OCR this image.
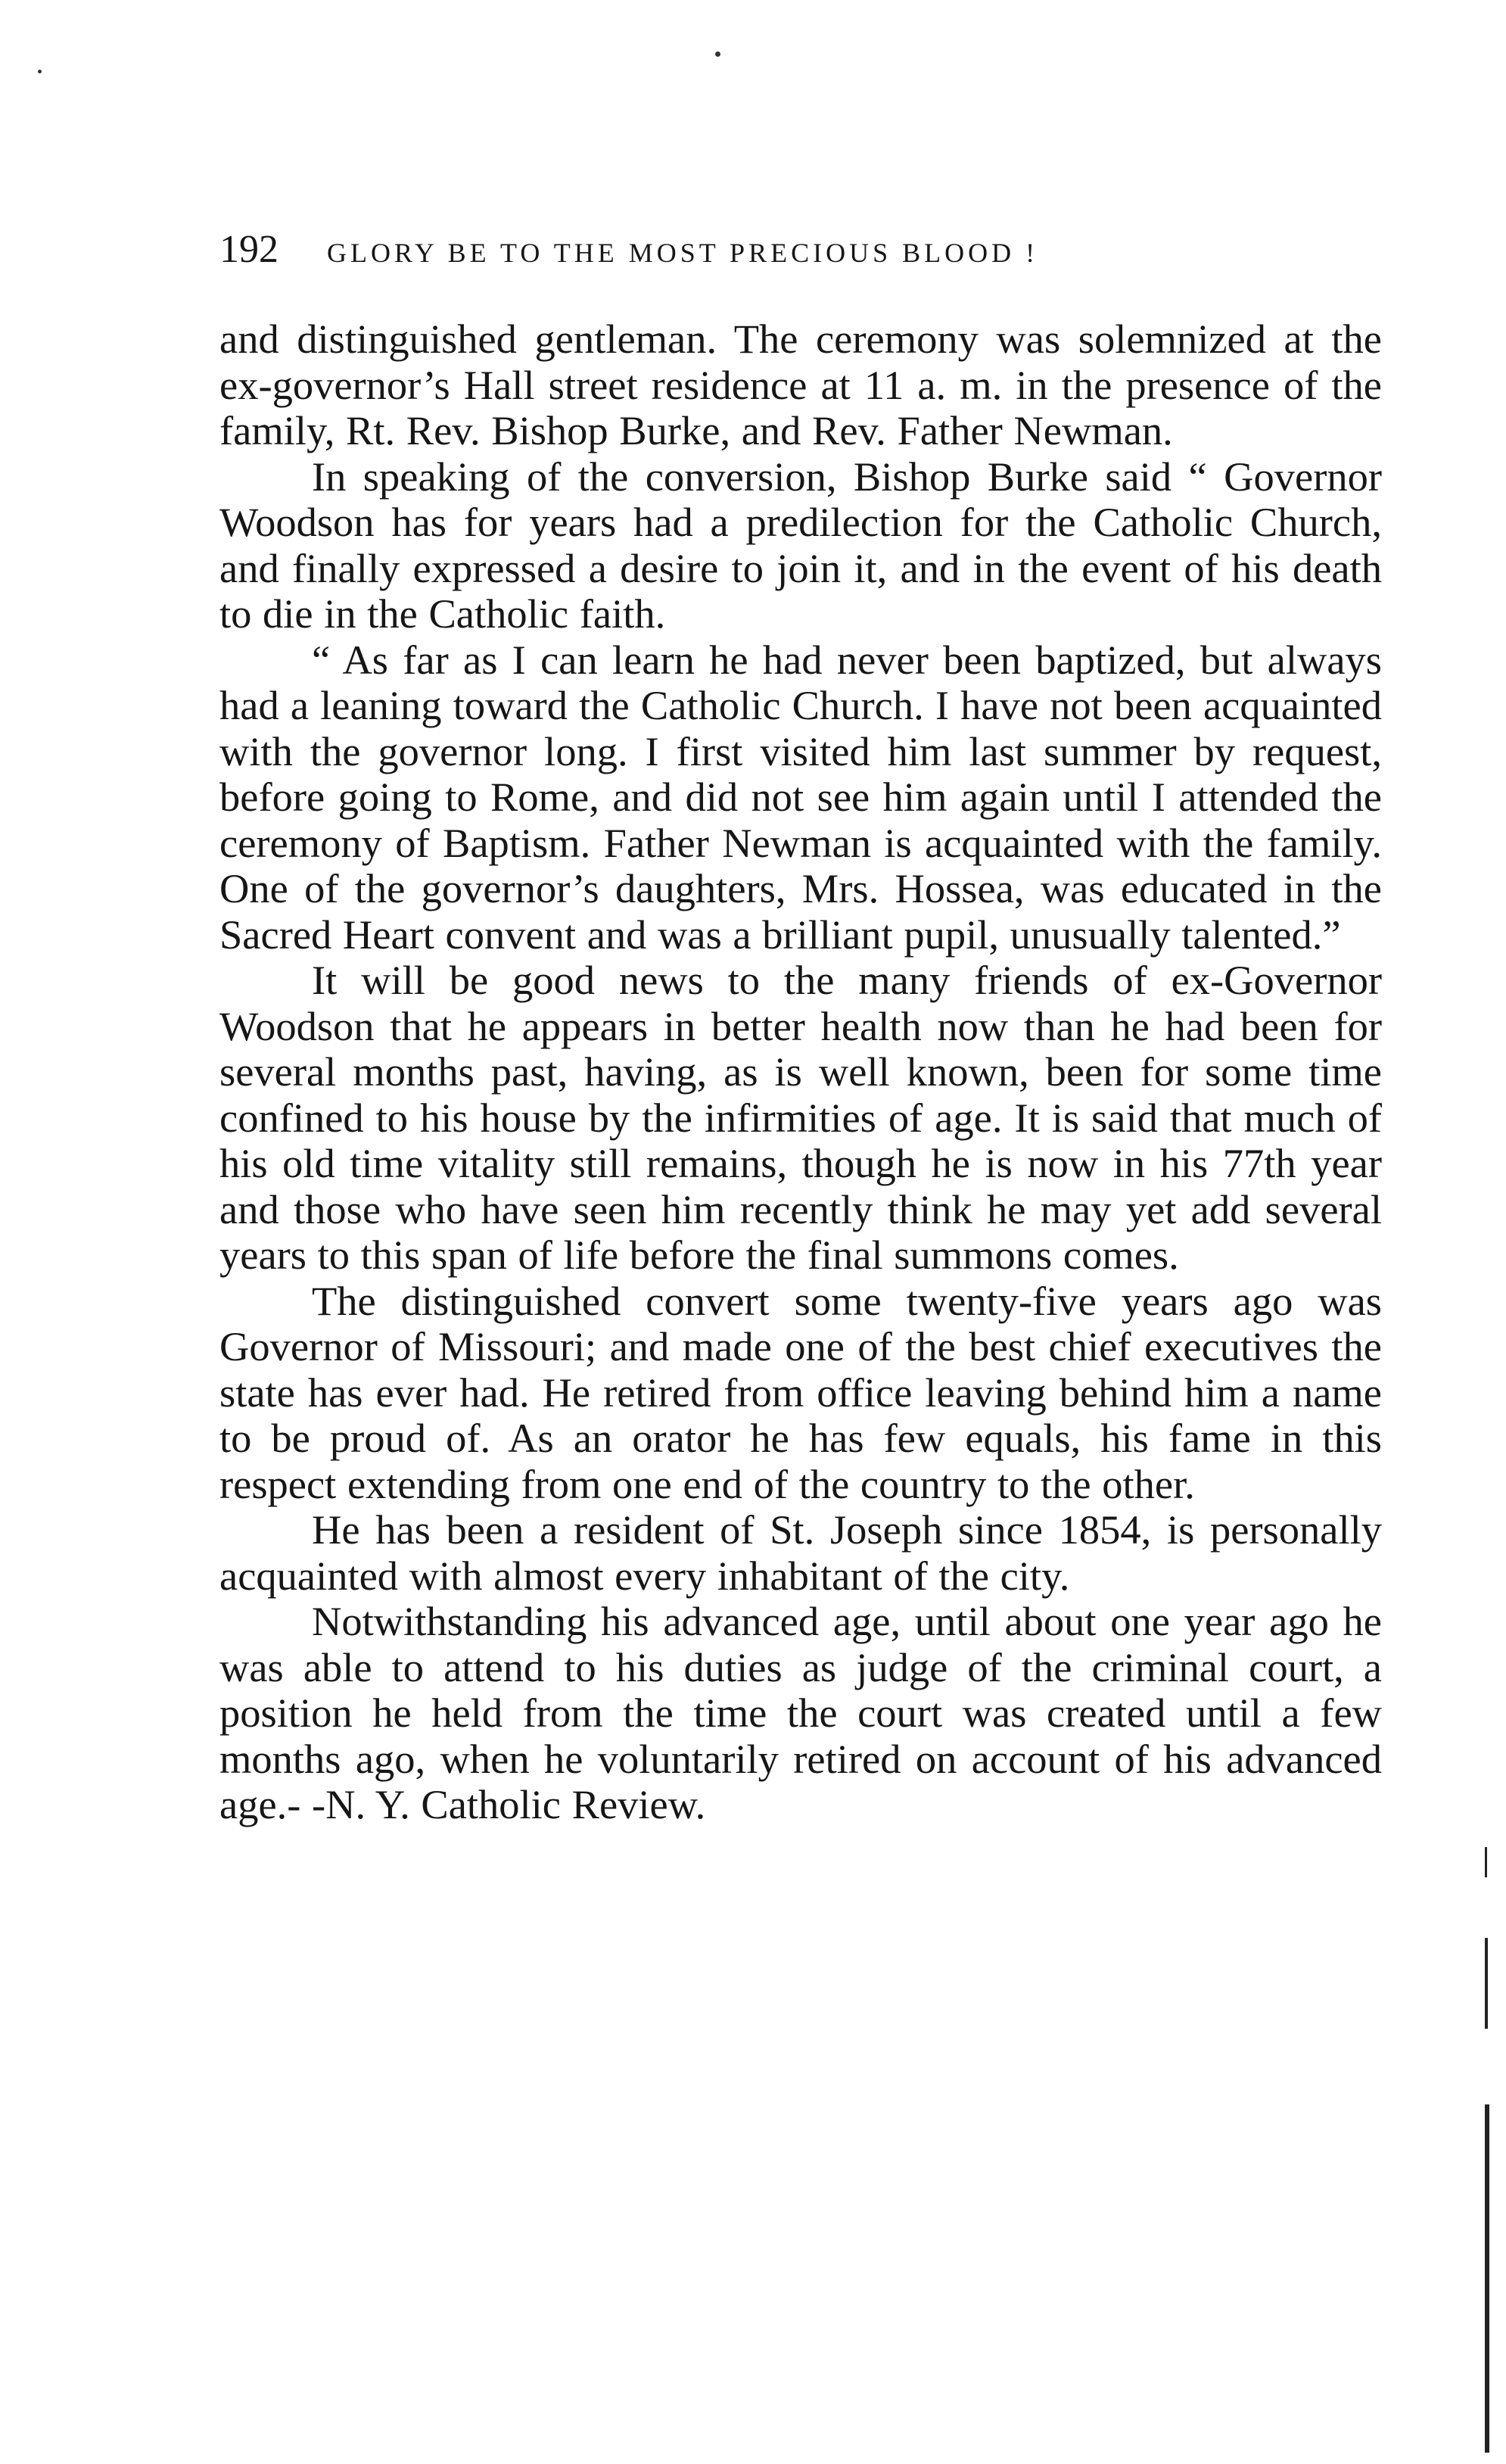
192 GLORY BE TO THE MOST PRECIOUS BLOOD !

and distinguished gentleman. The ceremony was solemnized at the ex-governor’s Hall street residence at 11 a. m. in the presence of the family, Rt. Rev. Bishop Burke, and Rev. Father Newman.

In speaking of the conversion, Bishop Burke said “ Governor Woodson has for years had a predilection for the Catholic Church, and finally expressed a desire to join it, and in the event of his death to die in the Catholic faith.

“ As far as I can learn he had never been baptized, but always had a leaning toward the Catholic Church. I have not been acquainted with the governor long. I first visited him last summer by request, before going to Rome, and did not see him again until I attended the ceremony of Baptism. Father Newman is acquainted with the family. One of the governor’s daughters, Mrs. Hossea, was educated in the Sacred Heart convent and was a brilliant pupil, unusually talented.”

It will be good news to the many friends of ex-Governor Woodson that he appears in better health now than he had been for several months past, having, as is well known, been for some time confined to his house by the infirmities of age. It is said that much of his old time vitality still remains, though he is now in his 77th year and those who have seen him recently think he may yet add several years to this span of life before the final summons comes.

The distinguished convert some twenty-five years ago was Governor of Missouri; and made one of the best chief executives the state has ever had. He retired from office leaving behind him a name to be proud of. As an orator he has few equals, his fame in this respect extending from one end of the country to the other.

He has been a resident of St. Joseph since 1854, is personally acquainted with almost every inhabitant of the city.

Notwithstanding his advanced age, until about one year ago he was able to attend to his duties as judge of the criminal court, a position he held from the time the court was created until a few months ago, when he voluntarily retired on account of his advanced age.- -N. Y. Catholic Review.
